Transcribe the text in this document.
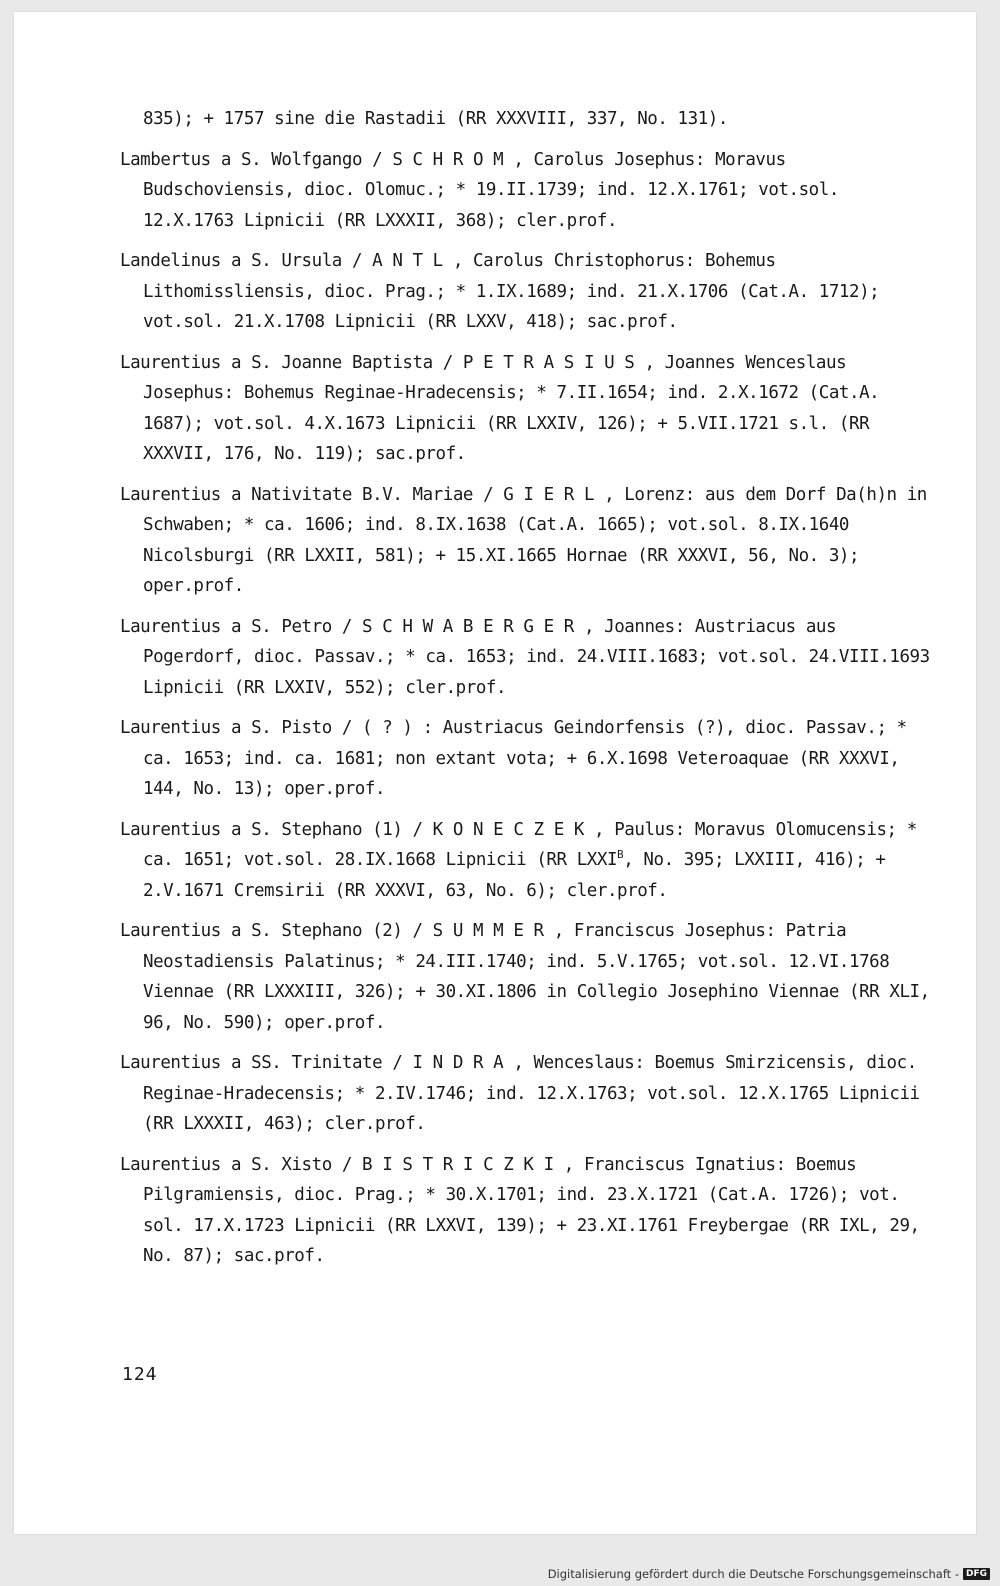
835); + 1757 sine die Rastadii (RR XXXVIII, 337, No. 131).

Lambertus a S. Wolfgango / S C H R O M , Carolus Josephus: Moravus Budschoviensis, dioc. Olomuc.; * 19.II.1739; ind. 12.X.1761; vot.sol. 12.X.1763 Lipnicii (RR LXXXII, 368); cler.prof.

Landelinus a S. Ursula / A N T L , Carolus Christophorus: Bohemus Lithomissliensis, dioc. Prag.; * 1.IX.1689; ind. 21.X.1706 (Cat.A. 1712); vot.sol. 21.X.1708 Lipnicii (RR LXXV, 418); sac.prof.

Laurentius a S. Joanne Baptista / P E T R A S I U S , Joannes Wenceslaus Josephus: Bohemus Reginae-Hradecensis; * 7.II.1654; ind. 2.X.1672 (Cat.A. 1687); vot.sol. 4.X.1673 Lipnicii (RR LXXIV, 126); + 5.VII.1721 s.l. (RR XXXVII, 176, No. 119); sac.prof.

Laurentius a Nativitate B.V. Mariae / G I E R L , Lorenz: aus dem Dorf Da(h)n in Schwaben; * ca. 1606; ind. 8.IX.1638 (Cat.A. 1665); vot.sol. 8.IX.1640 Nicolsburgi (RR LXXII, 581); + 15.XI.1665 Hornae (RR XXXVI, 56, No. 3); oper.prof.

Laurentius a S. Petro / S C H W A B E R G E R , Joannes: Austriacus aus Pogerdorf, dioc. Passav.; * ca. 1653; ind. 24.VIII.1683; vot.sol. 24.VIII.1693 Lipnicii (RR LXXIV, 552); cler.prof.

Laurentius a S. Pisto / ( ? ) : Austriacus Geindorfensis (?), dioc. Passav.; * ca. 1653; ind. ca. 1681; non extant vota; + 6.X.1698 Veteroaquae (RR XXXVI, 144, No. 13); oper.prof.

Laurentius a S. Stephano (1) / K O N E C Z E K , Paulus: Moravus Olomucensis; * ca. 1651; vot.sol. 28.IX.1668 Lipnicii (RR $LXXI^B$, No. 395; LXXIII, 416); + 2.V.1671 Cremsirii (RR XXXVI, 63, No. 6); cler.prof.

Laurentius a S. Stephano (2) / S U M M E R , Franciscus Josephus: Patria Neostadiensis Palatinus; * 24.III.1740; ind. 5.V.1765; vot.sol. 12.VI.1768 Viennae (RR LXXXIII, 326); + 30.XI.1806 in Collegio Josephino Viennae (RR XLI, 96, No. 590); oper.prof.

Laurentius a SS. Trinitate / I N D R A , Wenceslaus: Boemus Smirzicensis, dioc. Reginae-Hradecensis; * 2.IV.1746; ind. 12.X.1763; vot.sol. 12.X.1765 Lipnicii (RR LXXXII, 463); cler.prof.

Laurentius a S. Xisto / B I S T R I C Z K I , Franciscus Ignatius: Boemus Pilgramiensis, dioc. Prag.; * 30.X.1701; ind. 23.X.1721 (Cat.A. 1726); vot. sol. 17.X.1723 Lipnicii (RR LXXVI, 139); + 23.XI.1761 Freybergae (RR IXL, 29, No. 87); sac.prof.

124
Digitalisierung gefördert durch die Deutsche Forschungsgemeinschaft - DFG
